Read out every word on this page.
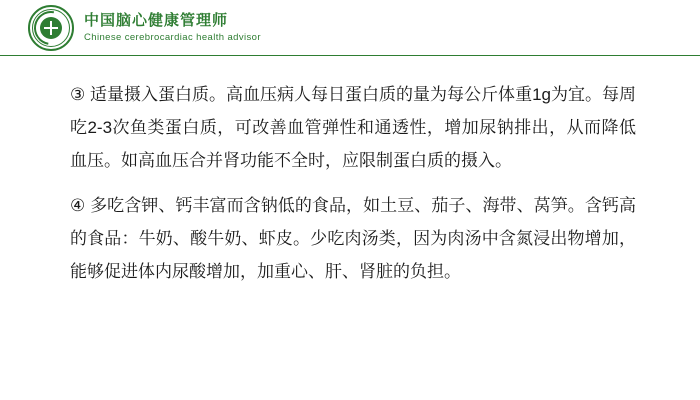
中国脑心健康管理师
Chinese cerebrocardiac health advisor

③ 适量摄入蛋白质。高血压病人每日蛋白质的量为每公斤体重1g为宜。每周吃2-3次鱼类蛋白质，可改善血管弹性和通透性，增加尿钠排出，从而降低血压。如高血压合并肾功能不全时，应限制蛋白质的摄入。

④ 多吃含钾、钙丰富而含钠低的食品，如土豆、茄子、海带、莴笋。含钙高的食品：牛奶、酸牛奶、虾皮。少吃肉汤类，因为肉汤中含氮浸出物增加，能够促进体内尿酸增加，加重心、肝、肾脏的负担。
